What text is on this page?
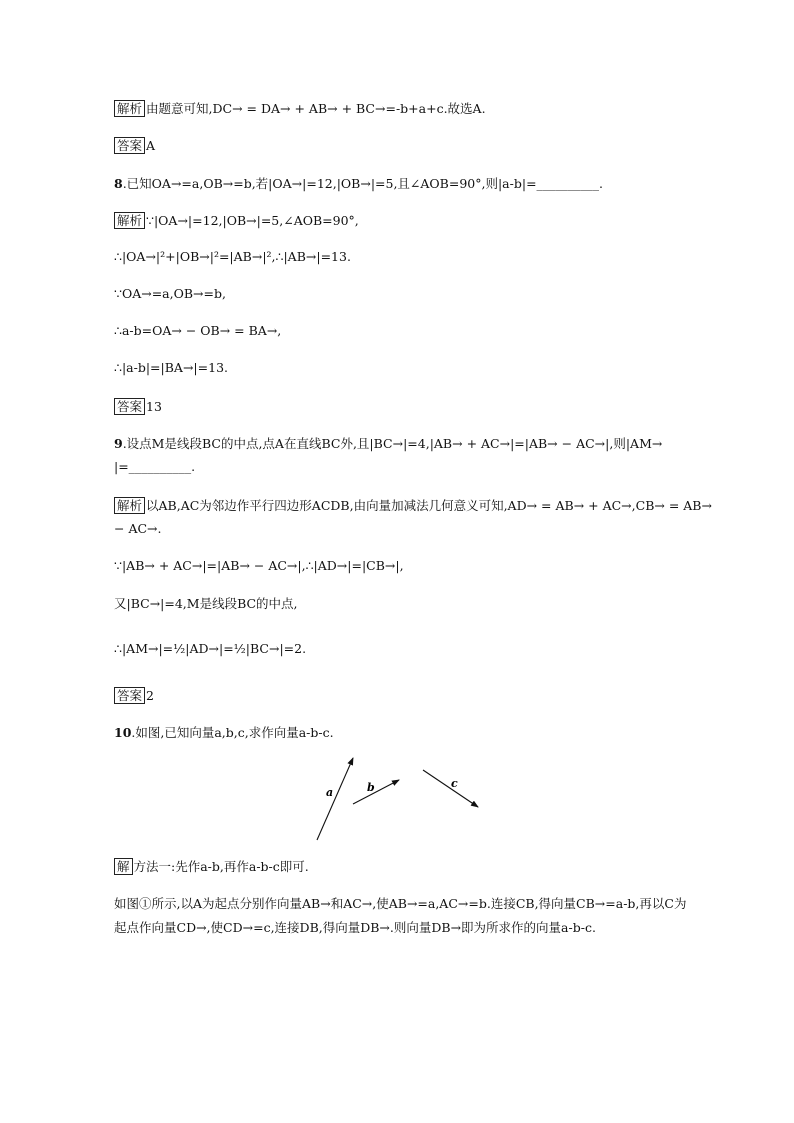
解析 由题意可知,DC→ = DA→ + AB→ + BC→=-b+a+c.故选A.
答案 A
8.已知OA→=a,OB→=b,若|OA→|=12,|OB→|=5,且∠AOB=90°,则|a-b|=__________.
解析 ∵|OA→|=12,|OB→|=5,∠AOB=90°,
∴|OA→|²+|OB→|²=|AB→|²,∴|AB→|=13.
∵OA→=a,OB→=b,
∴a-b=OA→ − OB→ = BA→,
∴|a-b|=|BA→|=13.
答案 13
9.设点M是线段BC的中点,点A在直线BC外,且|BC→|=4,|AB→ + AC→|=|AB→ − AC→|,则|AM→
|=__________.
解析 以AB,AC为邻边作平行四边形ACDB,由向量加减法几何意义可知,AD→ = AB→ + AC→,CB→ = AB→
− AC→.
∵|AB→ + AC→|=|AB→ − AC→|,∴|AD→|=|CB→|,
又|BC→|=4,M是线段BC的中点,
∴|AM→|=½|AD→|=½|BC→|=2.
答案 2
10.如图,已知向量a,b,c,求作向量a-b-c.
a	b	c
解 方法一:先作a-b,再作a-b-c即可.
如图①所示,以A为起点分别作向量AB→和AC→,使AB→=a,AC→=b.连接CB,得向量CB→=a-b,再以C为
起点作向量CD→,使CD→=c,连接DB,得向量DB→.则向量DB→即为所求作的向量a-b-c.
